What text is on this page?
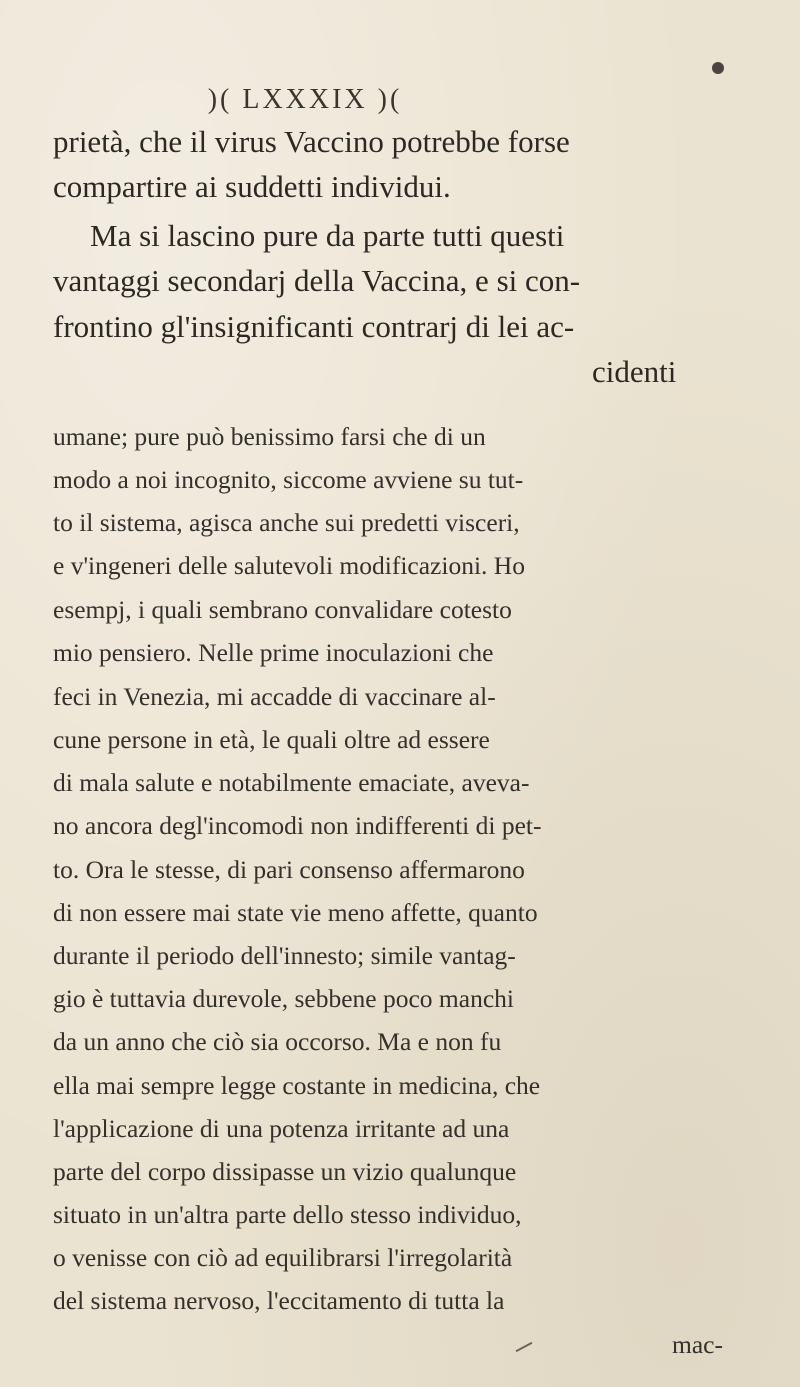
)( LXXXIX )(
prietà, che il virus Vaccino potrebbe forse
compartire ai suddetti individui.
Ma si lascino pure da parte tutti questi
vantaggi secondarj della Vaccina, e si con-
frontino gl'insignificanti contrarj di lei ac-
cidenti
umane; pure può benissimo farsi che di un
modo a noi incognito, siccome avviene su tut-
to il sistema, agisca anche sui predetti visceri,
e v'ingeneri delle salutevoli modificazioni. Ho
esempj, i quali sembrano convalidare cotesto
mio pensiero. Nelle prime inoculazioni che
feci in Venezia, mi accadde di vaccinare al-
cune persone in età, le quali oltre ad essere
di mala salute e notabilmente emaciate, aveva-
no ancora degl'incomodi non indifferenti di pet-
to. Ora le stesse, di pari consenso affermarono
di non essere mai state vie meno affette, quanto
durante il periodo dell'innesto; simile vantag-
gio è tuttavia durevole, sebbene poco manchi
da un anno che ciò sia occorso. Ma e non fu
ella mai sempre legge costante in medicina, che
l'applicazione di una potenza irritante ad una
parte del corpo dissipasse un vizio qualunque
situato in un'altra parte dello stesso individuo,
o venisse con ciò ad equilibrarsi l'irregolarità
del sistema nervoso, l'eccitamento di tutta la
mac-
